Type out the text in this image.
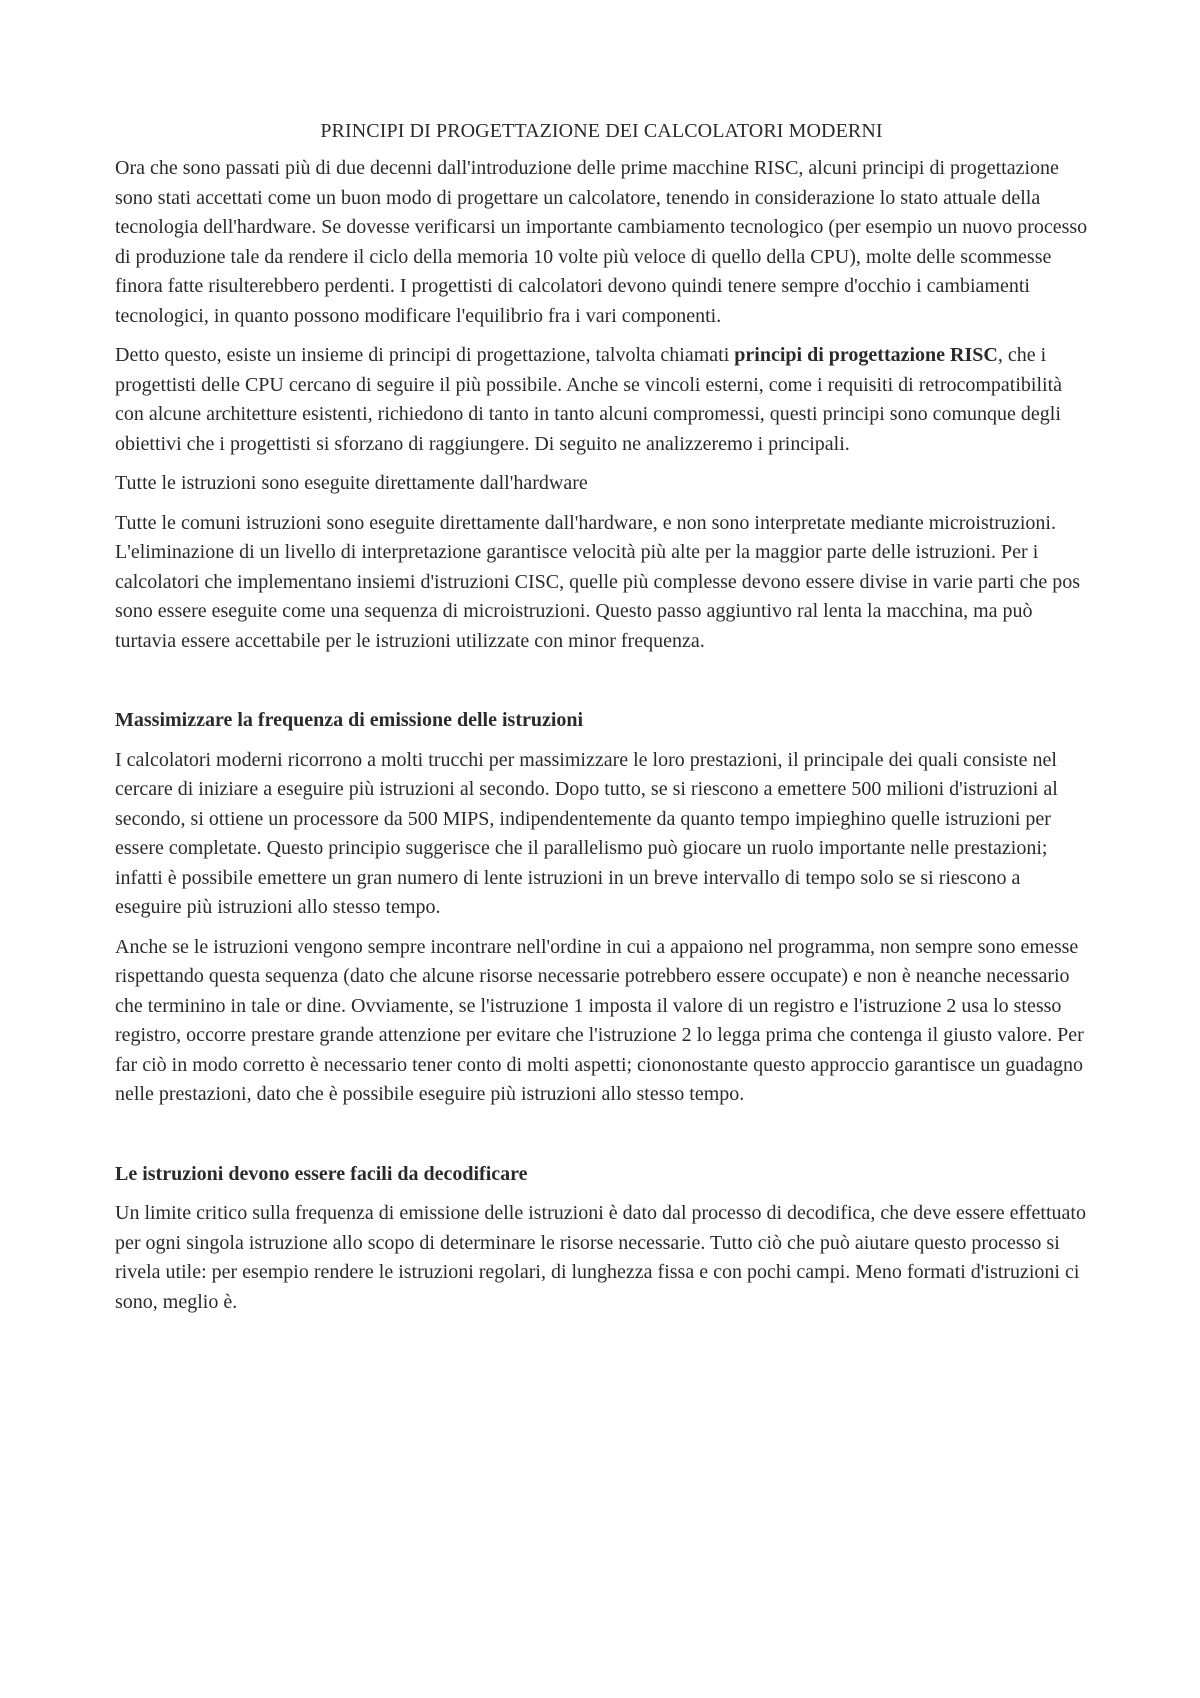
PRINCIPI DI PROGETTAZIONE DEI CALCOLATORI MODERNI

Ora che sono passati più di due decenni dall'introduzione delle prime macchine RISC, alcuni principi di progettazione sono stati accettati come un buon modo di progettare un calcolatore, tenendo in considerazione lo stato attuale della tecnologia dell'hardware. Se dovesse verificarsi un importante cambiamento tecnologico (per esempio un nuovo processo di produzione tale da rendere il ciclo della memoria 10 volte più veloce di quello della CPU), molte delle scommesse finora fatte risulterebbero perdenti. I progettisti di calcolatori devono quindi tenere sempre d'occhio i cambiamenti tecnologici, in quanto possono modificare l'equilibrio fra i vari componenti.

Detto questo, esiste un insieme di principi di progettazione, talvolta chiamati principi di progettazione RISC, che i progettisti delle CPU cercano di seguire il più possibile. Anche se vincoli esterni, come i requisiti di retrocompatibilità con alcune architetture esistenti, richiedono di tanto in tanto alcuni compromessi, questi principi sono comunque degli obiettivi che i progettisti si sforzano di raggiungere. Di seguito ne analizzeremo i principali.

Tutte le istruzioni sono eseguite direttamente dall'hardware

Tutte le comuni istruzioni sono eseguite direttamente dall'hardware, e non sono interpretate mediante microistruzioni. L'eliminazione di un livello di interpretazione garantisce velocità più alte per la maggior parte delle istruzioni. Per i calcolatori che implementano insiemi d'istruzioni CISC, quelle più complesse devono essere divise in varie parti che pos sono essere eseguite come una sequenza di microistruzioni. Questo passo aggiuntivo ral lenta la macchina, ma può turtavia essere accettabile per le istruzioni utilizzate con minor frequenza.

Massimizzare la frequenza di emissione delle istruzioni

I calcolatori moderni ricorrono a molti trucchi per massimizzare le loro prestazioni, il principale dei quali consiste nel cercare di iniziare a eseguire più istruzioni al secondo. Dopo tutto, se si riescono a emettere 500 milioni d'istruzioni al secondo, si ottiene un processore da 500 MIPS, indipendentemente da quanto tempo impieghino quelle istruzioni per essere completate. Questo principio suggerisce che il parallelismo può giocare un ruolo importante nelle prestazioni; infatti è possibile emettere un gran numero di lente istruzioni in un breve intervallo di tempo solo se si riescono a eseguire più istruzioni allo stesso tempo.

Anche se le istruzioni vengono sempre incontrare nell'ordine in cui a appaiono nel programma, non sempre sono emesse rispettando questa sequenza (dato che alcune risorse necessarie potrebbero essere occupate) e non è neanche necessario che terminino in tale or dine. Ovviamente, se l'istruzione 1 imposta il valore di un registro e l'istruzione 2 usa lo stesso registro, occorre prestare grande attenzione per evitare che l'istruzione 2 lo legga prima che contenga il giusto valore. Per far ciò in modo corretto è necessario tener conto di molti aspetti; ciononostante questo approccio garantisce un guadagno nelle prestazioni, dato che è possibile eseguire più istruzioni allo stesso tempo.

Le istruzioni devono essere facili da decodificare

Un limite critico sulla frequenza di emissione delle istruzioni è dato dal processo di decodifica, che deve essere effettuato per ogni singola istruzione allo scopo di determinare le risorse necessarie. Tutto ciò che può aiutare questo processo si rivela utile: per esempio rendere le istruzioni regolari, di lunghezza fissa e con pochi campi. Meno formati d'istruzioni ci sono, meglio è.
